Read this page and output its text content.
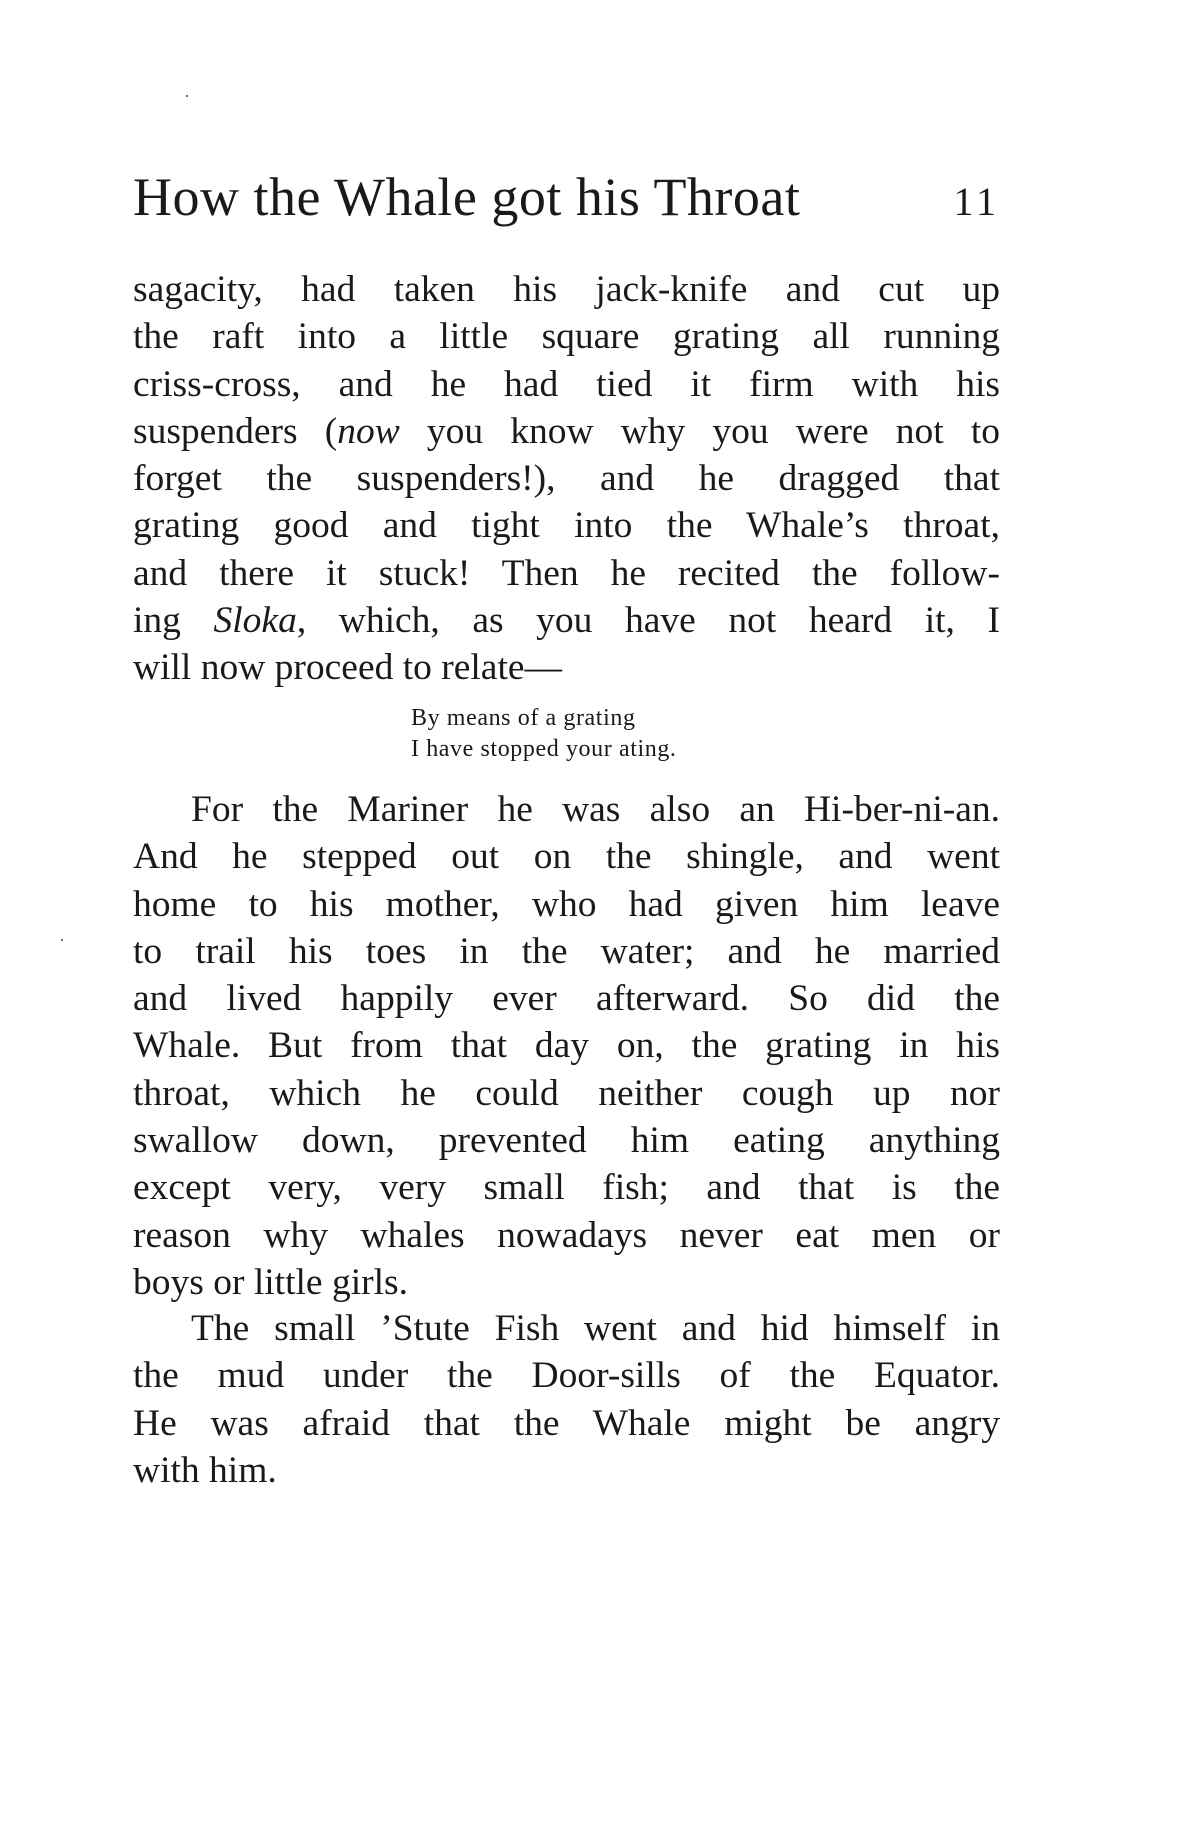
How the Whale got his Throat	11
sagacity, had taken his jack-knife and cut up
the raft into a little square grating all running
criss-cross, and he had tied it firm with his
suspenders (now you know why you were not to
forget the suspenders!), and he dragged that
grating good and tight into the Whale’s throat,
and there it stuck! Then he recited the follow-
ing Sloka, which, as you have not heard it, I
will now proceed to relate—
By means of a grating
I have stopped your ating.
For the Mariner he was also an Hi-ber-ni-an.
And he stepped out on the shingle, and went
home to his mother, who had given him leave
to trail his toes in the water; and he married
and lived happily ever afterward. So did the
Whale. But from that day on, the grating in his
throat, which he could neither cough up nor
swallow down, prevented him eating anything
except very, very small fish; and that is the
reason why whales nowadays never eat men or
boys or little girls.
The small ’Stute Fish went and hid himself in
the mud under the Door-sills of the Equator.
He was afraid that the Whale might be angry
with him.
